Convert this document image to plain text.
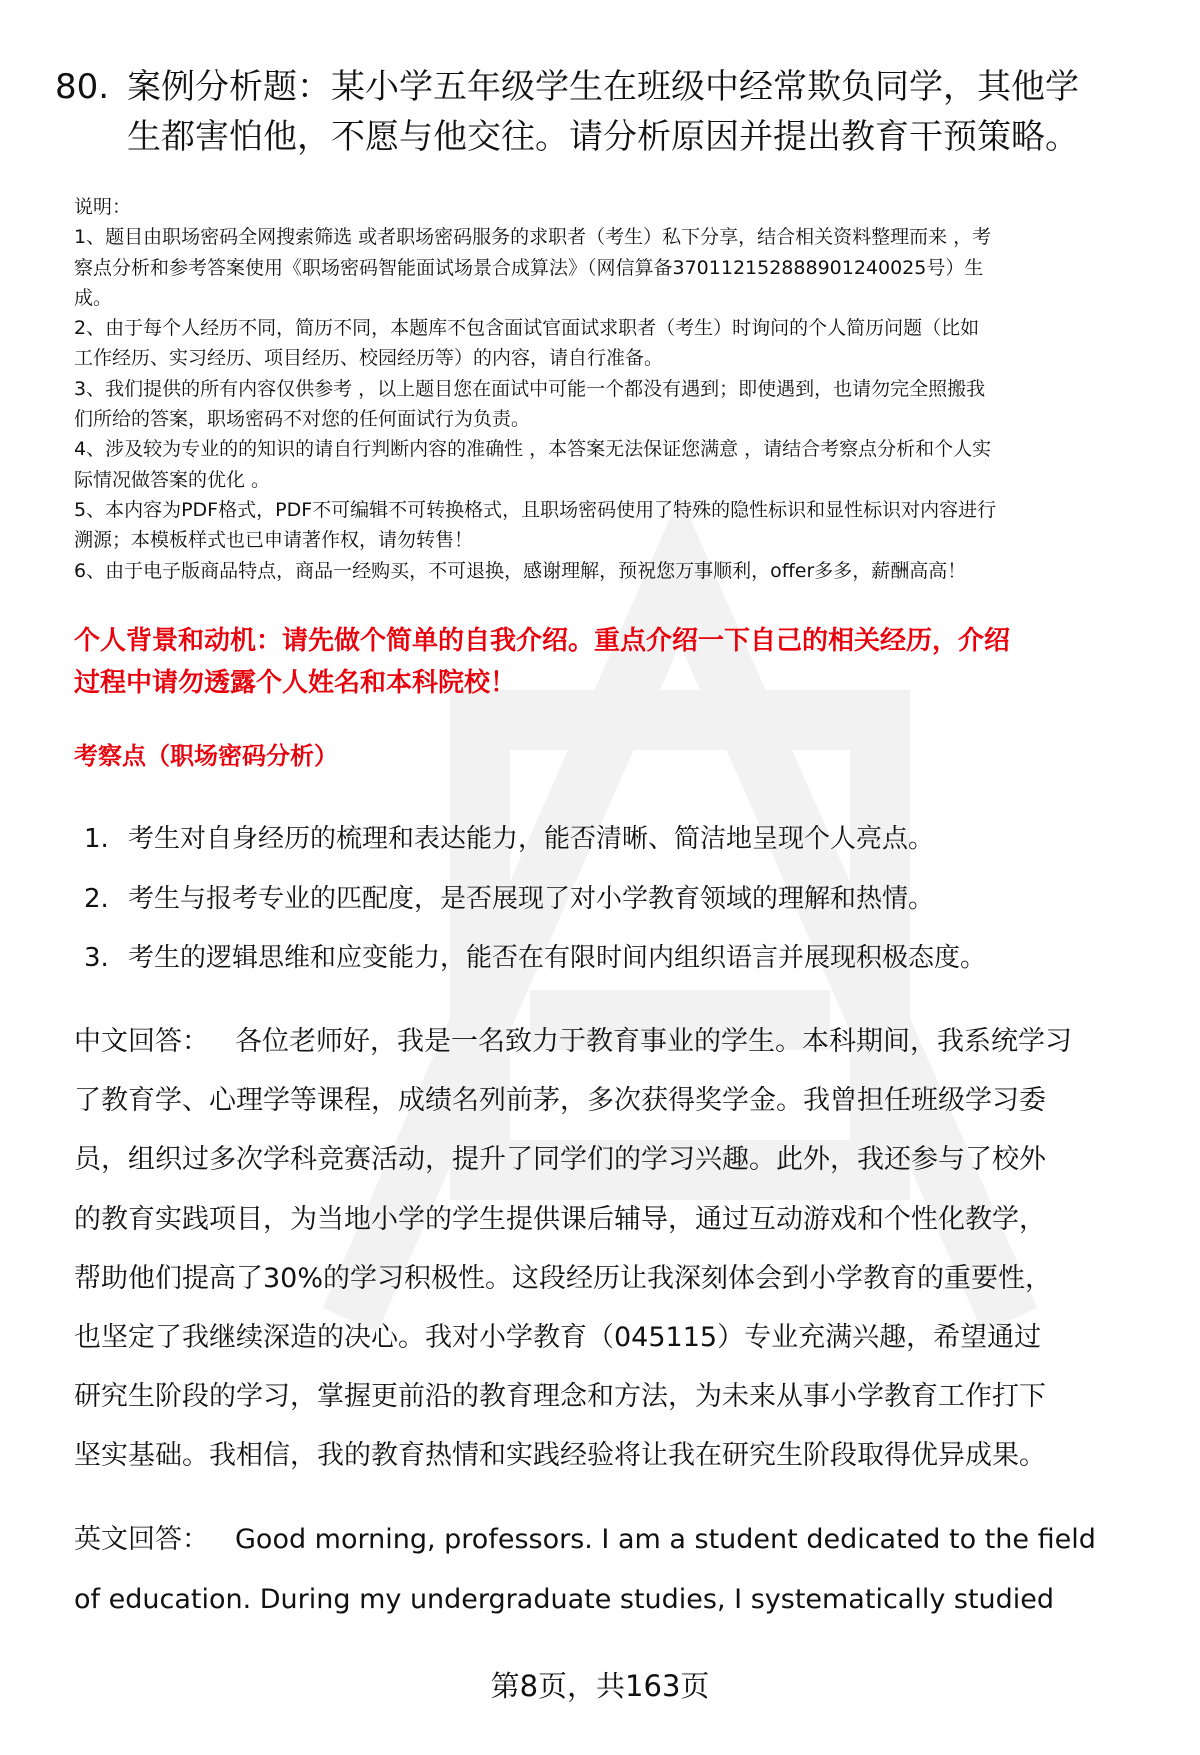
80. 案例分析题：某小学五年级学生在班级中经常欺负同学，其他学
生都害怕他，不愿与他交往。请分析原因并提出教育干预策略。
说明：
1、题目由职场密码全网搜索筛选 或者职场密码服务的求职者（考生）私下分享，结合相关资料整理而来 ，考
察点分析和参考答案使用《职场密码智能面试场景合成算法》（网信算备370112152888901240025号）生
成。
2、由于每个人经历不同，简历不同，本题库不包含面试官面试求职者（考生）时询问的个人简历问题（比如
工作经历、实习经历、项目经历、校园经历等）的内容，请自行准备。
3、我们提供的所有内容仅供参考 ，以上题目您在面试中可能一个都没有遇到；即使遇到，也请勿完全照搬我
们所给的答案，职场密码不对您的任何面试行为负责。
4、涉及较为专业的的知识的请自行判断内容的准确性 ，本答案无法保证您满意 ，请结合考察点分析和个人实
际情况做答案的优化 。
5、本内容为PDF格式，PDF不可编辑不可转换格式，且职场密码使用了特殊的隐性标识和显性标识对内容进行
溯源；本模板样式也已申请著作权，请勿转售！
6、由于电子版商品特点，商品一经购买，不可退换，感谢理解，预祝您万事顺利，offer多多，薪酬高高！
个人背景和动机：请先做个简单的自我介绍。重点介绍一下自己的相关经历，介绍
过程中请勿透露个人姓名和本科院校！
考察点（职场密码分析）
1. 考生对自身经历的梳理和表达能力，能否清晰、简洁地呈现个人亮点。
2. 考生与报考专业的匹配度，是否展现了对小学教育领域的理解和热情。
3. 考生的逻辑思维和应变能力，能否在有限时间内组织语言并展现积极态度。
中文回答： 各位老师好，我是一名致力于教育事业的学生。本科期间，我系统学习
了教育学、心理学等课程，成绩名列前茅，多次获得奖学金。我曾担任班级学习委
员，组织过多次学科竞赛活动，提升了同学们的学习兴趣。此外，我还参与了校外
的教育实践项目，为当地小学的学生提供课后辅导，通过互动游戏和个性化教学，
帮助他们提高了30%的学习积极性。这段经历让我深刻体会到小学教育的重要性，
也坚定了我继续深造的决心。我对小学教育（045115）专业充满兴趣，希望通过
研究生阶段的学习，掌握更前沿的教育理念和方法，为未来从事小学教育工作打下
坚实基础。我相信，我的教育热情和实践经验将让我在研究生阶段取得优异成果。
英文回答： Good morning, professors. I am a student dedicated to the field
of education. During my undergraduate studies, I systematically studied
第8页，共163页
